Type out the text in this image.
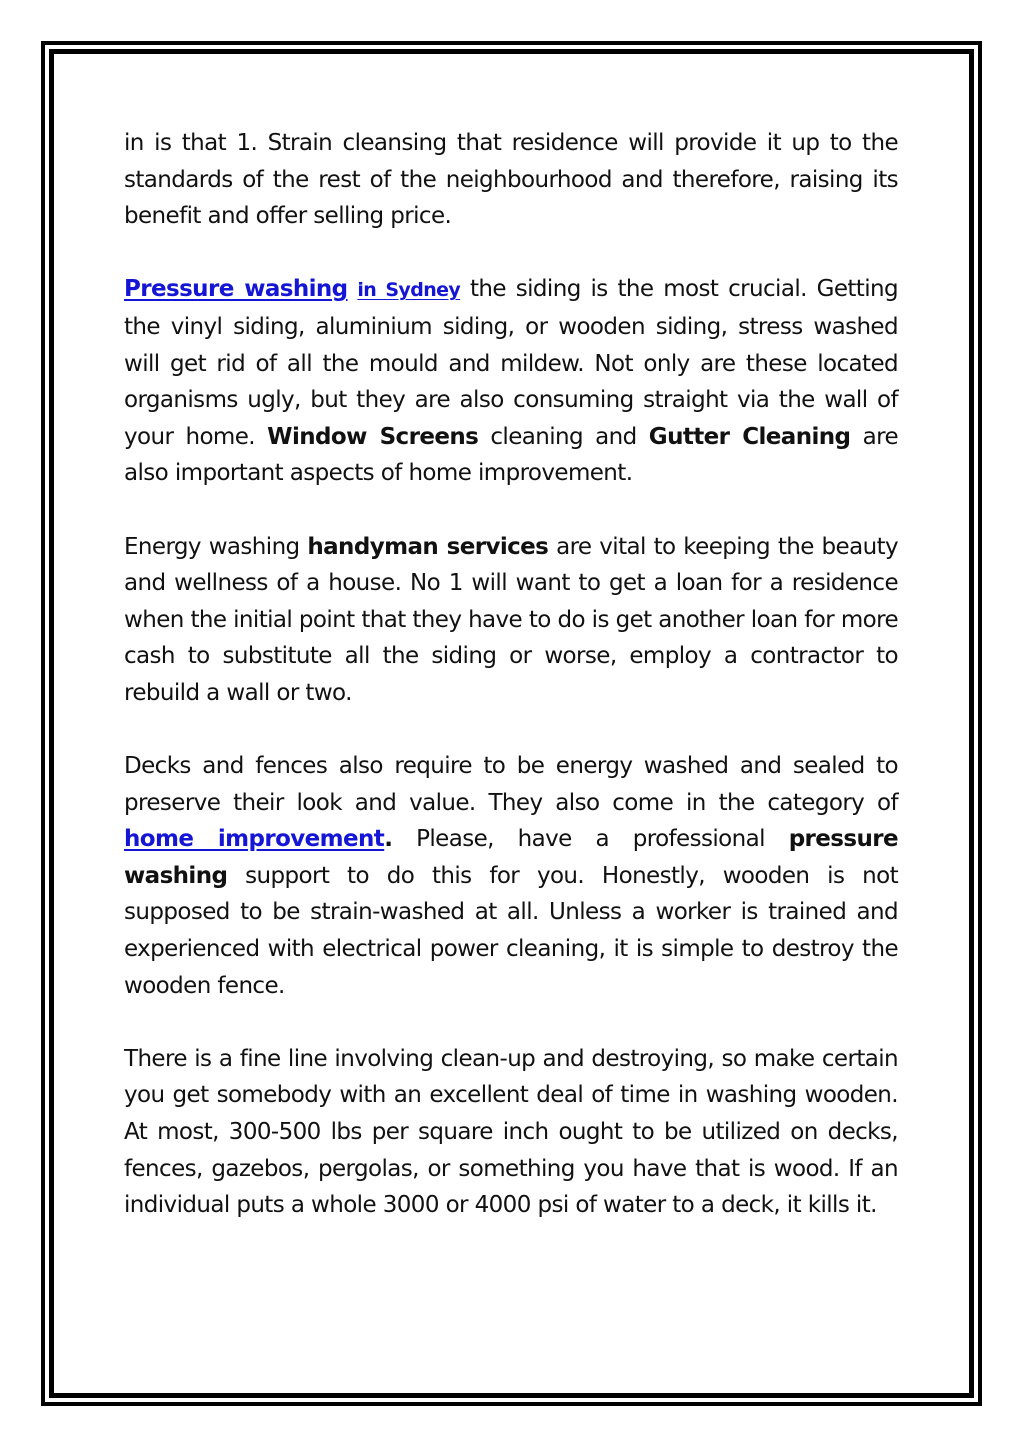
in is that 1. Strain cleansing that residence will provide it up to the standards of the rest of the neighbourhood and therefore, raising its benefit and offer selling price.

Pressure washing in Sydney the siding is the most crucial. Getting the vinyl siding, aluminium siding, or wooden siding, stress washed will get rid of all the mould and mildew. Not only are these located organisms ugly, but they are also consuming straight via the wall of your home. Window Screens cleaning and Gutter Cleaning are also important aspects of home improvement.

Energy washing handyman services are vital to keeping the beauty and wellness of a house. No 1 will want to get a loan for a residence when the initial point that they have to do is get another loan for more cash to substitute all the siding or worse, employ a contractor to rebuild a wall or two.

Decks and fences also require to be energy washed and sealed to preserve their look and value. They also come in the category of home improvement. Please, have a professional pressure washing support to do this for you. Honestly, wooden is not supposed to be strain-washed at all. Unless a worker is trained and experienced with electrical power cleaning, it is simple to destroy the wooden fence.

There is a fine line involving clean-up and destroying, so make certain you get somebody with an excellent deal of time in washing wooden. At most, 300-500 lbs per square inch ought to be utilized on decks, fences, gazebos, pergolas, or something you have that is wood. If an individual puts a whole 3000 or 4000 psi of water to a deck, it kills it.
